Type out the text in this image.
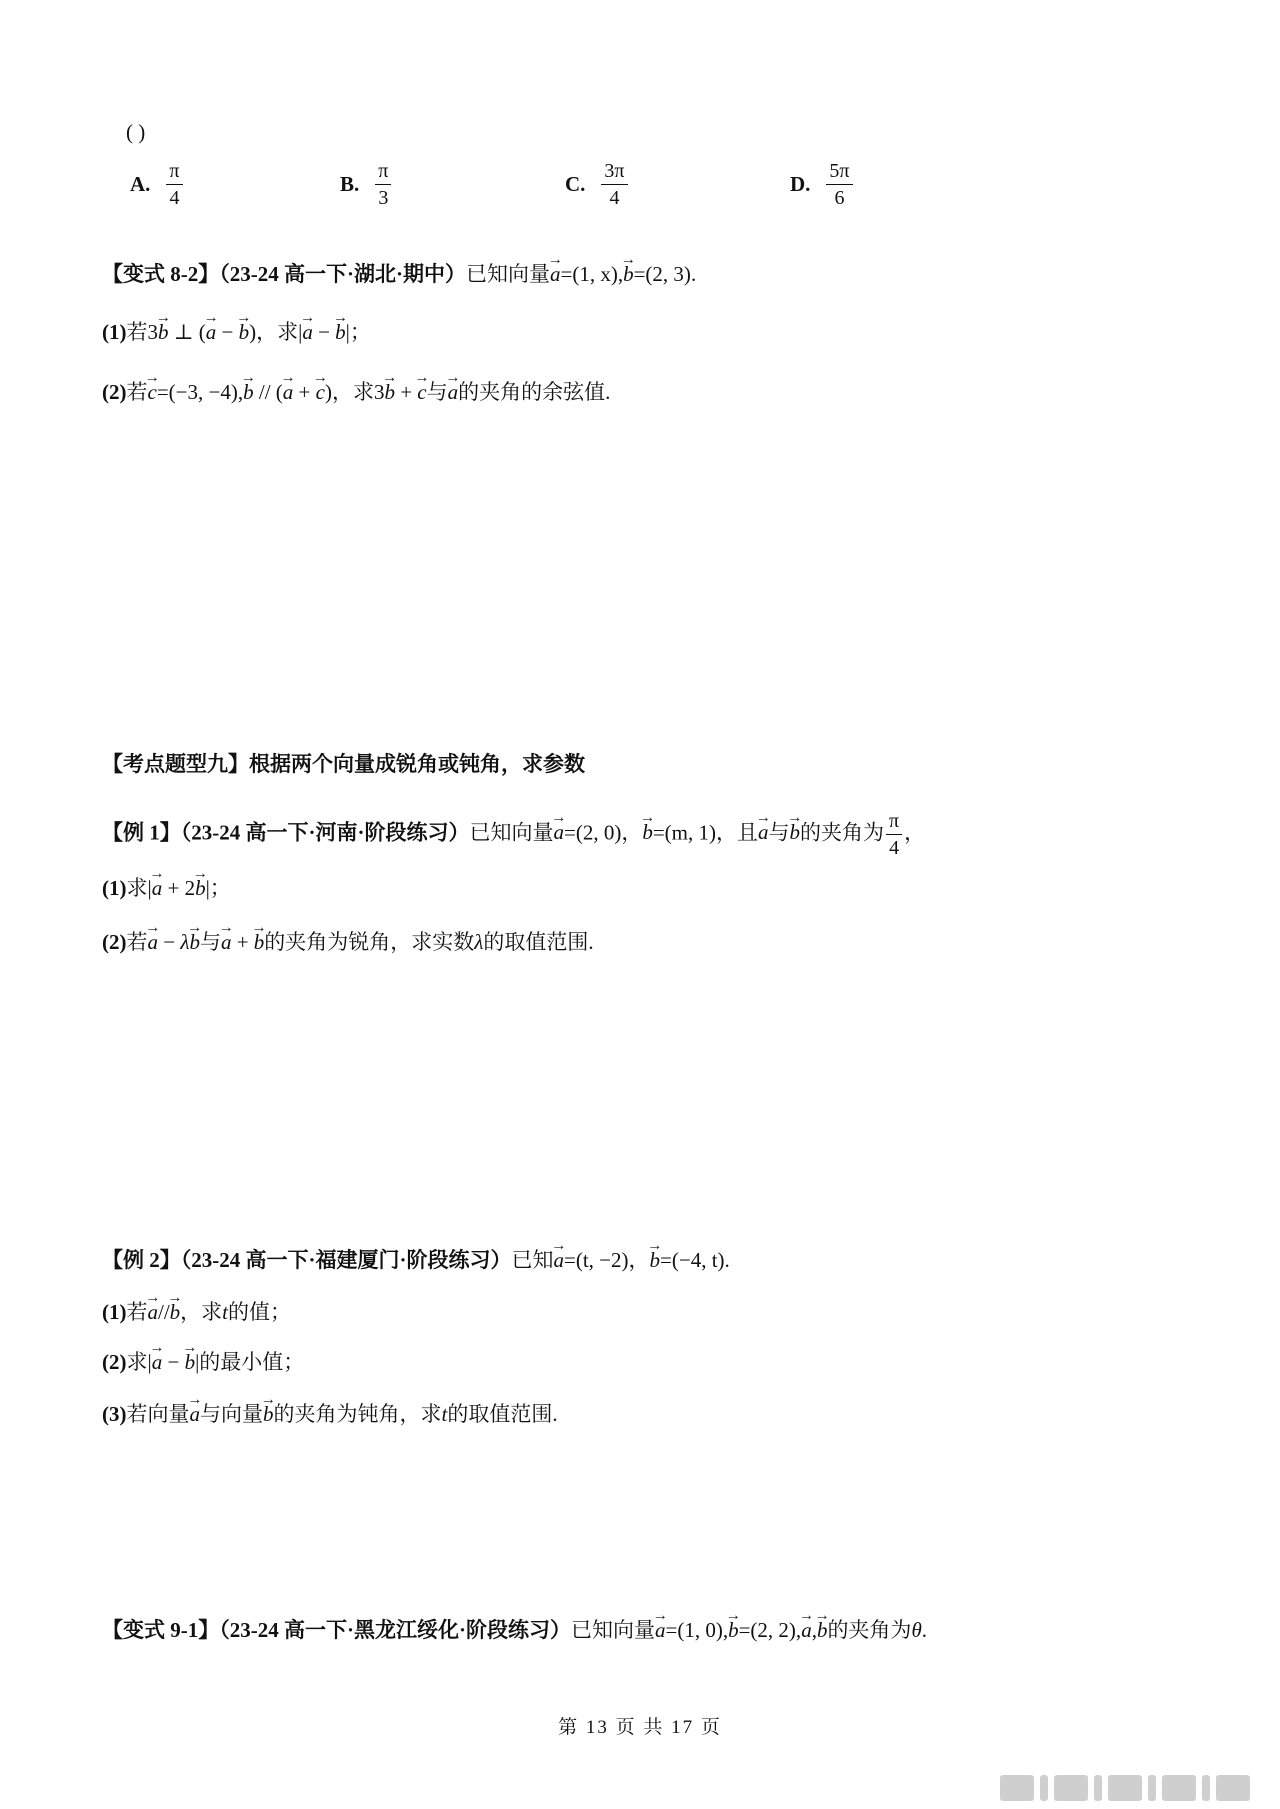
( )
A. $\frac{\pi}{4}$	B. $\frac{\pi}{3}$	C. $\frac{3\pi}{4}$	D. $\frac{5\pi}{6}$
【变式 8-2】（23-24 高一下·湖北·期中）已知向量→ a=(1, x),→ b=(2, 3).
(1)若3→ b ⊥ (→ a − → b)，求|→ a − → b|；
(2)若→ c=(−3, −4),→ b // (→ a + → c)，求3→ b + → c与→ a的夹角的余弦值.
【考点题型九】根据两个向量成锐角或钝角，求参数
【例 1】（23-24 高一下·河南·阶段练习）已知向量→ a=(2, 0)，→ b=(m, 1)，且→ a与→ b的夹角为 $\frac{\pi}{4}$ ，
(1)求|→ a + 2→ b|；
(2)若→ a − λ→ b与→ a + → b的夹角为锐角，求实数λ的取值范围.
【例 2】（23-24 高一下·福建厦门·阶段练习）已知→ a=(t, −2)，→ b=(−4, t).
(1)若→ a//→ b，求t的值；
(2)求|→ a − → b|的最小值；
(3)若向量→ a与向量→ b的夹角为钝角，求t的取值范围.
【变式 9-1】（23-24 高一下·黑龙江绥化·阶段练习）已知向量→ a=(1, 0),→ b=(2, 2),→ a,→ b的夹角为θ.
第 13 页 共 17 页
